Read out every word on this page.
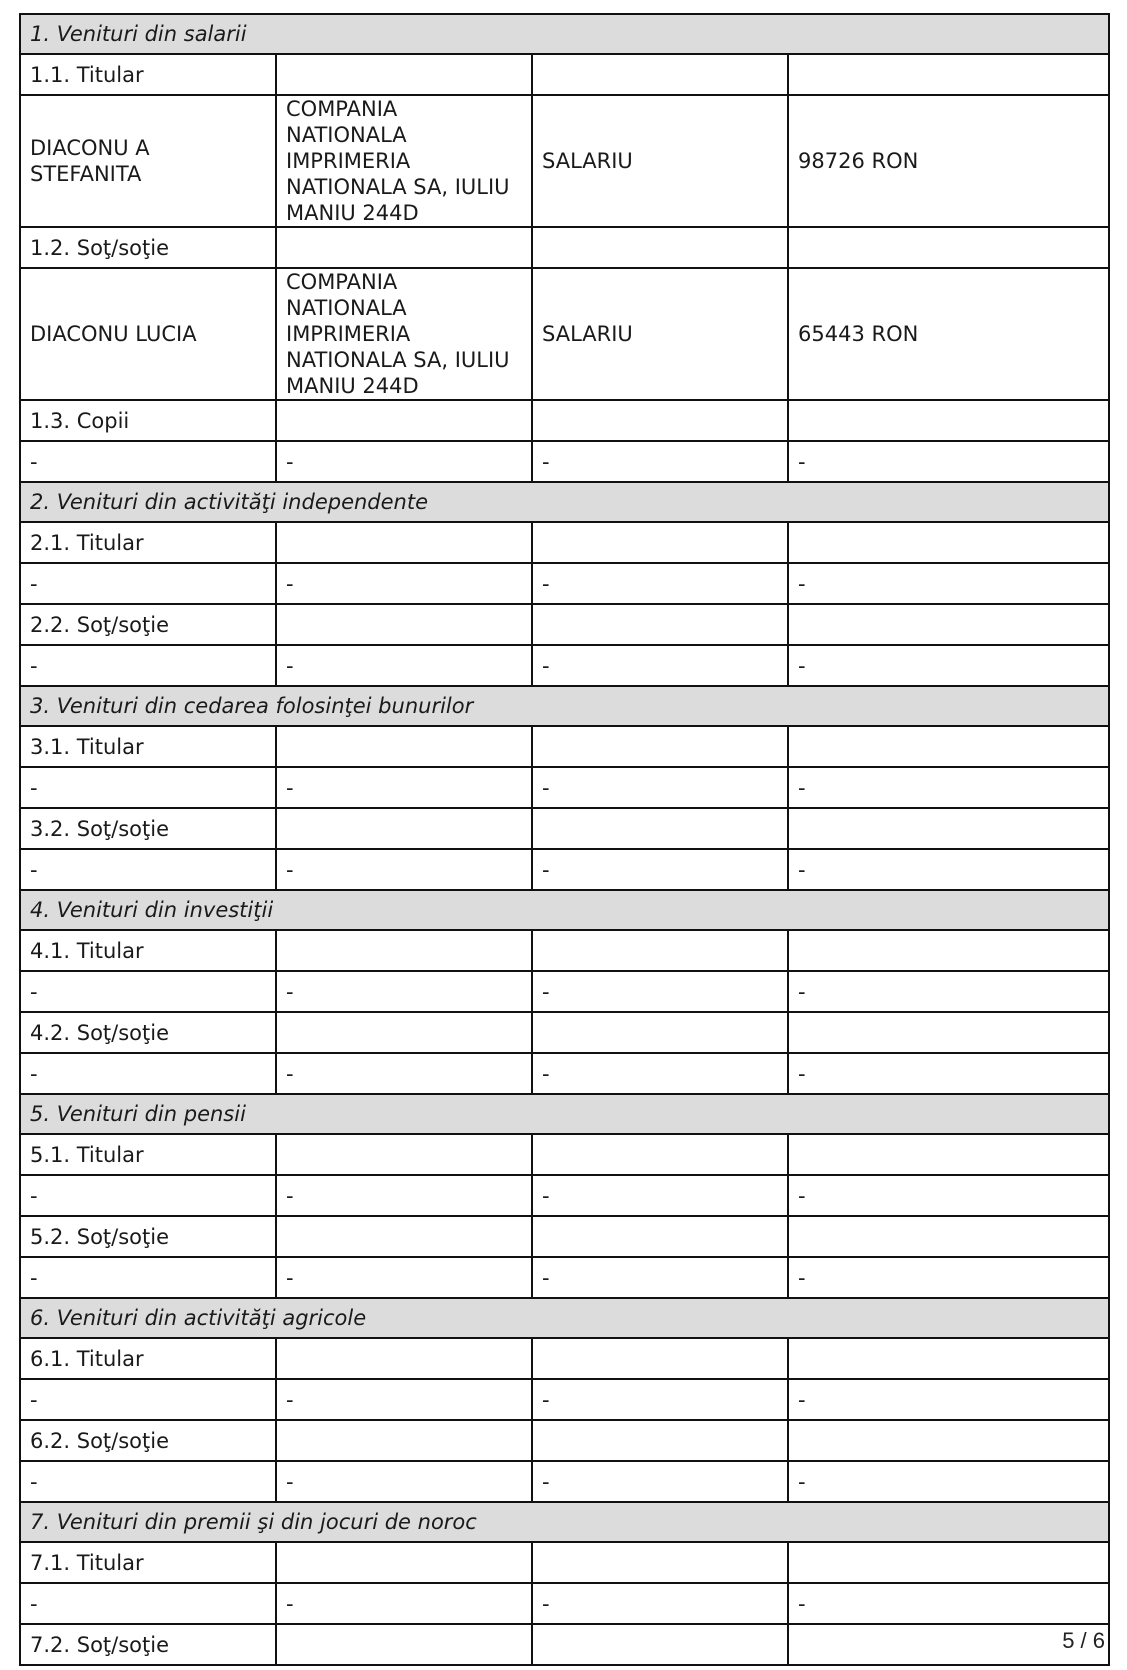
1. Venituri din salarii			
1.1. Titular			
DIACONU A STEFANITA	COMPANIA NATIONALA IMPRIMERIA NATIONALA SA, IULIU MANIU 244D	SALARIU	98726 RON
1.2. Soţ/soţie			
DIACONU LUCIA	COMPANIA NATIONALA IMPRIMERIA NATIONALA SA, IULIU MANIU 244D	SALARIU	65443 RON
1.3. Copii			
-	-	-	-
2. Venituri din activităţi independente			
2.1. Titular			
-	-	-	-
2.2. Soţ/soţie			
-	-	-	-
3. Venituri din cedarea folosinţei bunurilor			
3.1. Titular			
-	-	-	-
3.2. Soţ/soţie			
-	-	-	-
4. Venituri din investiţii			
4.1. Titular			
-	-	-	-
4.2. Soţ/soţie			
-	-	-	-
5. Venituri din pensii			
5.1. Titular			
-	-	-	-
5.2. Soţ/soţie			
-	-	-	-
6. Venituri din activităţi agricole			
6.1. Titular			
-	-	-	-
6.2. Soţ/soţie			
-	-	-	-
7. Venituri din premii şi din jocuri de noroc			
7.1. Titular			
-	-	-	-
7.2. Soţ/soţie				5 / 6
